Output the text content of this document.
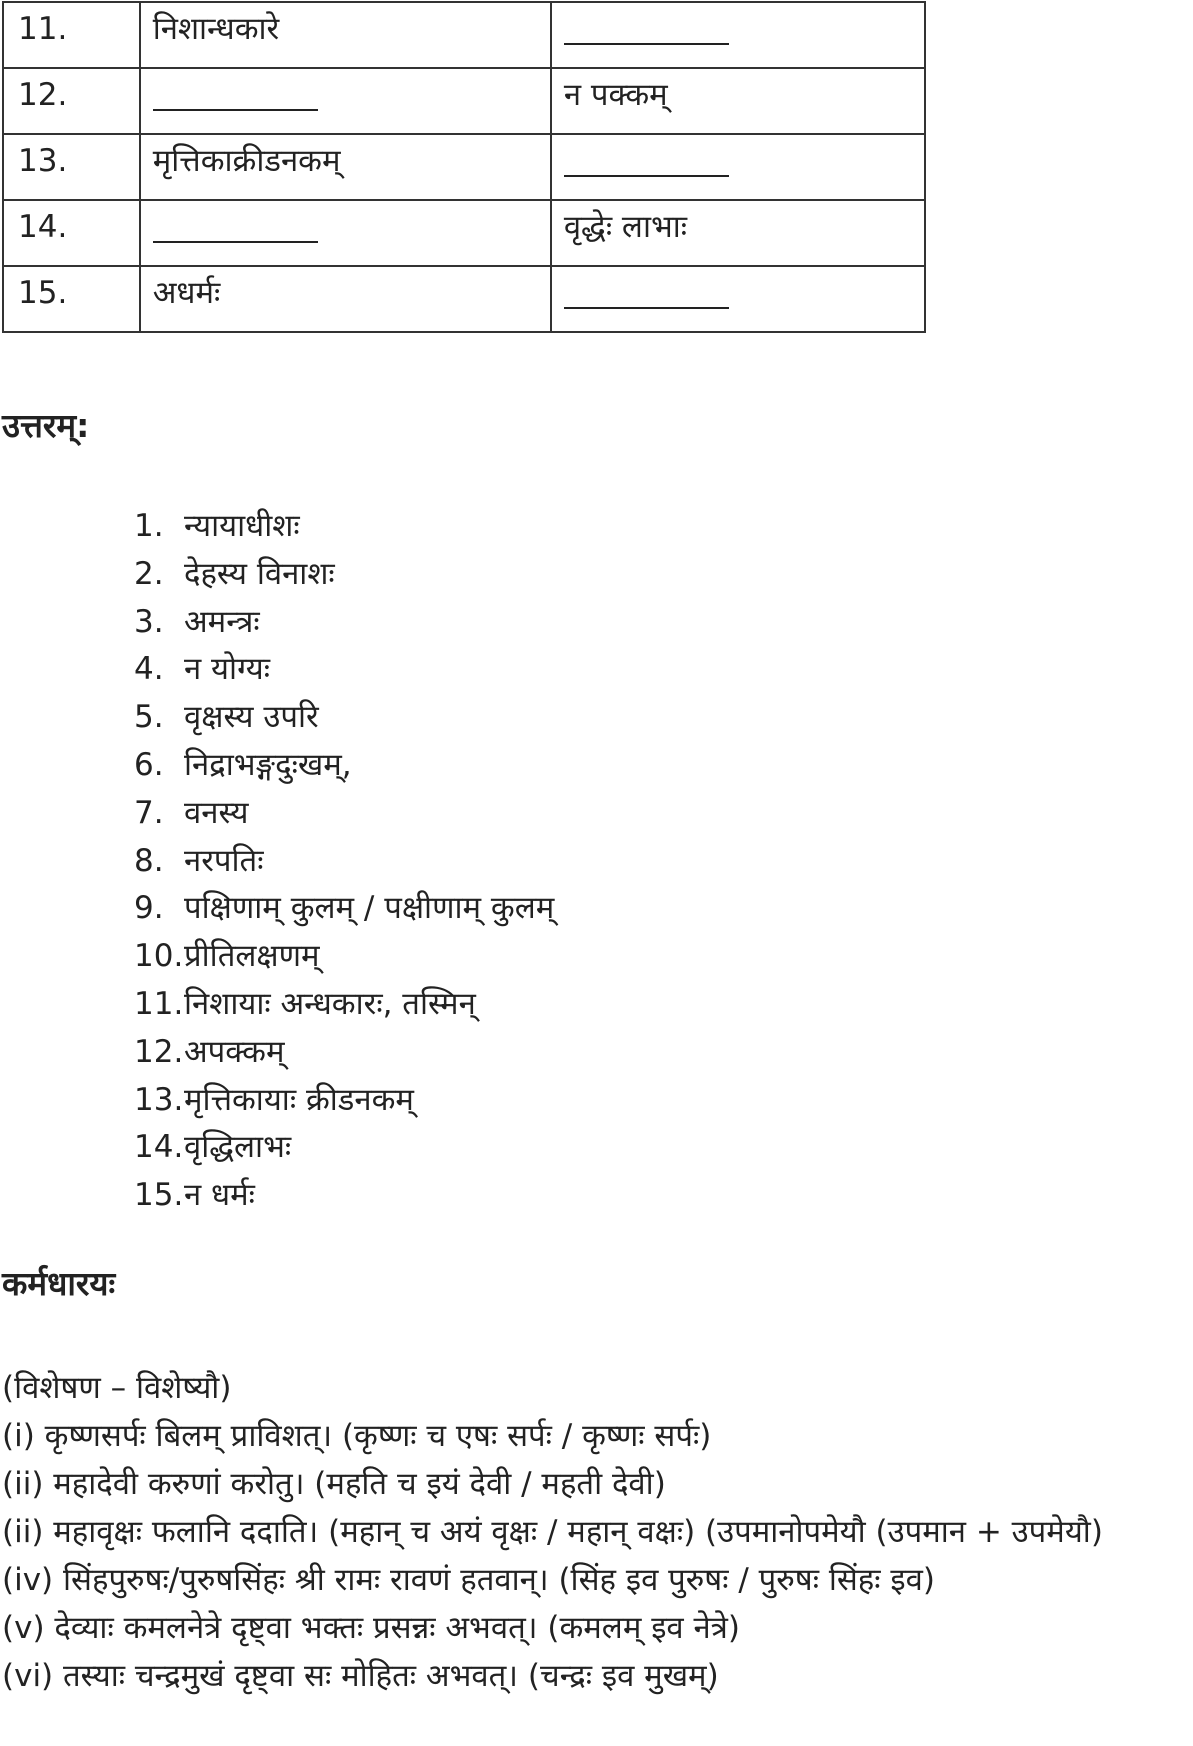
11.	निशान्धकारे	
12.		न पक्कम्
13.	मृत्तिकाक्रीडनकम्	
14.		वृद्धेः लाभाः
15.	अधर्मः	
उत्तरम्:
1. न्यायाधीशः
2. देहस्य विनाशः
3. अमन्त्रः
4. न योग्यः
5. वृक्षस्य उपरि
6. निद्राभङ्गदुःखम्,
7. वनस्य
8. नरपतिः
9. पक्षिणाम् कुलम् / पक्षीणाम् कुलम्
10.प्रीतिलक्षणम्
11.निशायाः अन्धकारः, तस्मिन्
12.अपक्कम्
13.मृत्तिकायाः क्रीडनकम्
14.वृद्धिलाभः
15.न धर्मः
कर्मधारयः

(विशेषण – विशेष्यौ)

(i) कृष्णसर्पः बिलम् प्राविशत्। (कृष्णः च एषः सर्पः / कृष्णः सर्पः)

(ii) महादेवी करुणां करोतु। (महति च इयं देवी / महती देवी)

(ii) महावृक्षः फलानि ददाति। (महान् च अयं वृक्षः / महान् वक्षः) (उपमानोपमेयौ (उपमान + उपमेयौ)

(iv) सिंहपुरुषः/पुरुषसिंहः श्री रामः रावणं हतवान्। (सिंह इव पुरुषः / पुरुषः सिंहः इव)

(v) देव्याः कमलनेत्रे दृष्ट्वा भक्तः प्रसन्नः अभवत्। (कमलम् इव नेत्रे)

(vi) तस्याः चन्द्रमुखं दृष्ट्वा सः मोहितः अभवत्। (चन्द्रः इव मुखम्)
